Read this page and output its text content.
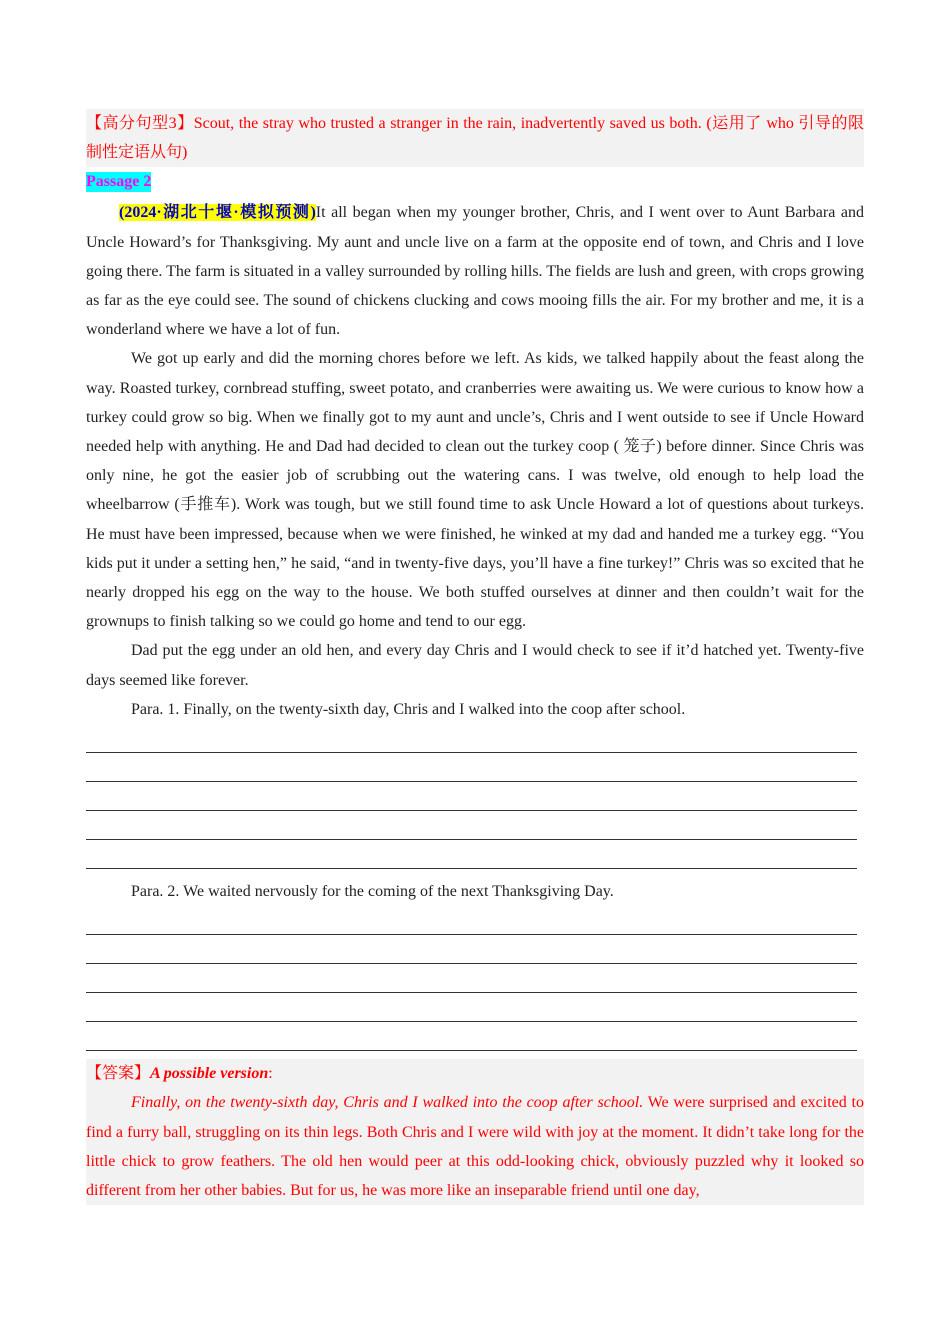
【高分句型3】Scout, the stray who trusted a stranger in the rain, inadvertently saved us both. (运用了 who 引导的限制性定语从句)

Passage 2

(2024·湖北十堰·模拟预测)It all began when my younger brother, Chris, and I went over to Aunt Barbara and Uncle Howard’s for Thanksgiving. My aunt and uncle live on a farm at the opposite end of town, and Chris and I love going there. The farm is situated in a valley surrounded by rolling hills. The fields are lush and green, with crops growing as far as the eye could see. The sound of chickens clucking and cows mooing fills the air. For my brother and me, it is a wonderland where we have a lot of fun.

We got up early and did the morning chores before we left. As kids, we talked happily about the feast along the way. Roasted turkey, cornbread stuffing, sweet potato, and cranberries were awaiting us. We were curious to know how a turkey could grow so big. When we finally got to my aunt and uncle’s, Chris and I went outside to see if Uncle Howard needed help with anything. He and Dad had decided to clean out the turkey coop ( 笼子) before dinner. Since Chris was only nine, he got the easier job of scrubbing out the watering cans. I was twelve, old enough to help load the wheelbarrow (手推车). Work was tough, but we still found time to ask Uncle Howard a lot of questions about turkeys. He must have been impressed, because when we were finished, he winked at my dad and handed me a turkey egg. “You kids put it under a setting hen,” he said, “and in twenty-five days, you’ll have a fine turkey!” Chris was so excited that he nearly dropped his egg on the way to the house. We both stuffed ourselves at dinner and then couldn’t wait for the grownups to finish talking so we could go home and tend to our egg.

Dad put the egg under an old hen, and every day Chris and I would check to see if it’d hatched yet. Twenty-five days seemed like forever.

Para. 1. Finally, on the twenty-sixth day, Chris and I walked into the coop after school.

Para. 2. We waited nervously for the coming of the next Thanksgiving Day.

【答案】A possible version:

Finally, on the twenty-sixth day, Chris and I walked into the coop after school. We were surprised and excited to find a furry ball, struggling on its thin legs. Both Chris and I were wild with joy at the moment. It didn’t take long for the little chick to grow feathers. The old hen would peer at this odd-looking chick, obviously puzzled why it looked so different from her other babies. But for us, he was more like an inseparable friend until one day,
